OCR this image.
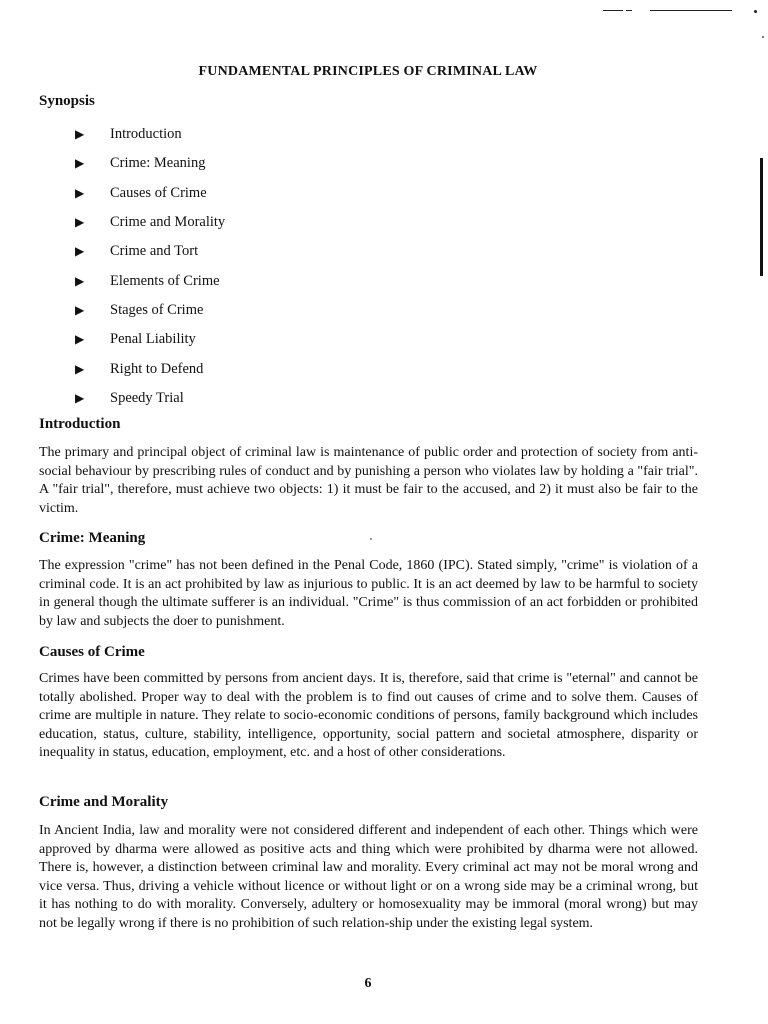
FUNDAMENTAL PRINCIPLES OF CRIMINAL LAW
Synopsis
▶	Introduction
▶	Crime: Meaning
▶	Causes of Crime
▶	Crime and Morality
▶	Crime and Tort
▶	Elements of Crime
▶	Stages of Crime
▶	Penal Liability
▶	Right to Defend
▶	Speedy Trial
Introduction

The primary and principal object of criminal law is maintenance of public order and protection of society from anti-social behaviour by prescribing rules of conduct and by punishing a person who violates law by holding a "fair trial". A "fair trial", therefore, must achieve two objects: 1) it must be fair to the accused, and 2) it must also be fair to the victim.

Crime: Meaning

The expression "crime" has not been defined in the Penal Code, 1860 (IPC). Stated simply, "crime" is violation of a criminal code. It is an act prohibited by law as injurious to public. It is an act deemed by law to be harmful to society in general though the ultimate sufferer is an individual. "Crime" is thus commission of an act forbidden or prohibited by law and subjects the doer to punishment.

Causes of Crime

Crimes have been committed by persons from ancient days. It is, therefore, said that crime is "eternal" and cannot be totally abolished. Proper way to deal with the problem is to find out causes of crime and to solve them. Causes of crime are multiple in nature. They relate to socio-economic conditions of persons, family background which includes education, status, culture, stability, intelligence, opportunity, social pattern and societal atmosphere, disparity or inequality in status, education, employment, etc. and a host of other considerations.

Crime and Morality

In Ancient India, law and morality were not considered different and independent of each other. Things which were approved by dharma were allowed as positive acts and thing which were prohibited by dharma were not allowed. There is, however, a distinction between criminal law and morality. Every criminal act may not be moral wrong and vice versa. Thus, driving a vehicle without licence or without light or on a wrong side may be a criminal wrong, but it has nothing to do with morality. Conversely, adultery or homosexuality may be immoral (moral wrong) but may not be legally wrong if there is no prohibition of such relation-ship under the existing legal system.

6
